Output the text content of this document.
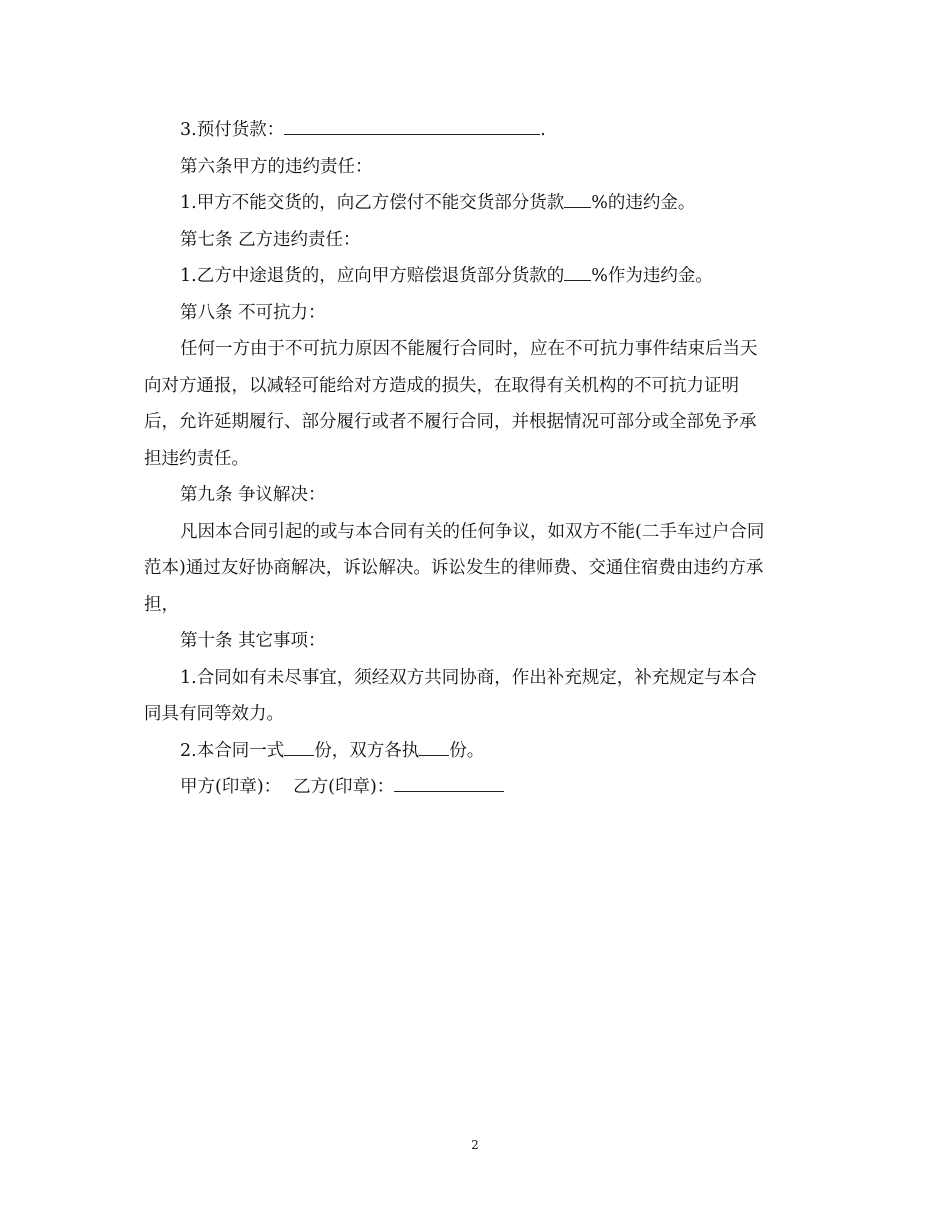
3.预付货款：	.

第六条甲方的违约责任：

1.甲方不能交货的，向乙方偿付不能交货部分货款 %的违约金。

第七条 乙方违约责任：

1.乙方中途退货的，应向甲方赔偿退货部分货款的 %作为违约金。

第八条 不可抗力：

任何一方由于不可抗力原因不能履行合同时，应在不可抗力事件结束后当天

向对方通报，以减轻可能给对方造成的损失，在取得有关机构的不可抗力证明

后，允许延期履行、部分履行或者不履行合同，并根据情况可部分或全部免予承

担违约责任。

第九条 争议解决：

凡因本合同引起的或与本合同有关的任何争议，如双方不能(二手车过户合同

范本)通过友好协商解决，诉讼解决。诉讼发生的律师费、交通住宿费由违约方承

担，

第十条 其它事项：

1.合同如有未尽事宜，须经双方共同协商，作出补充规定，补充规定与本合

同具有同等效力。

2.本合同一式 份，双方各执 份。

甲方(印章)： 乙方(印章)：

2
